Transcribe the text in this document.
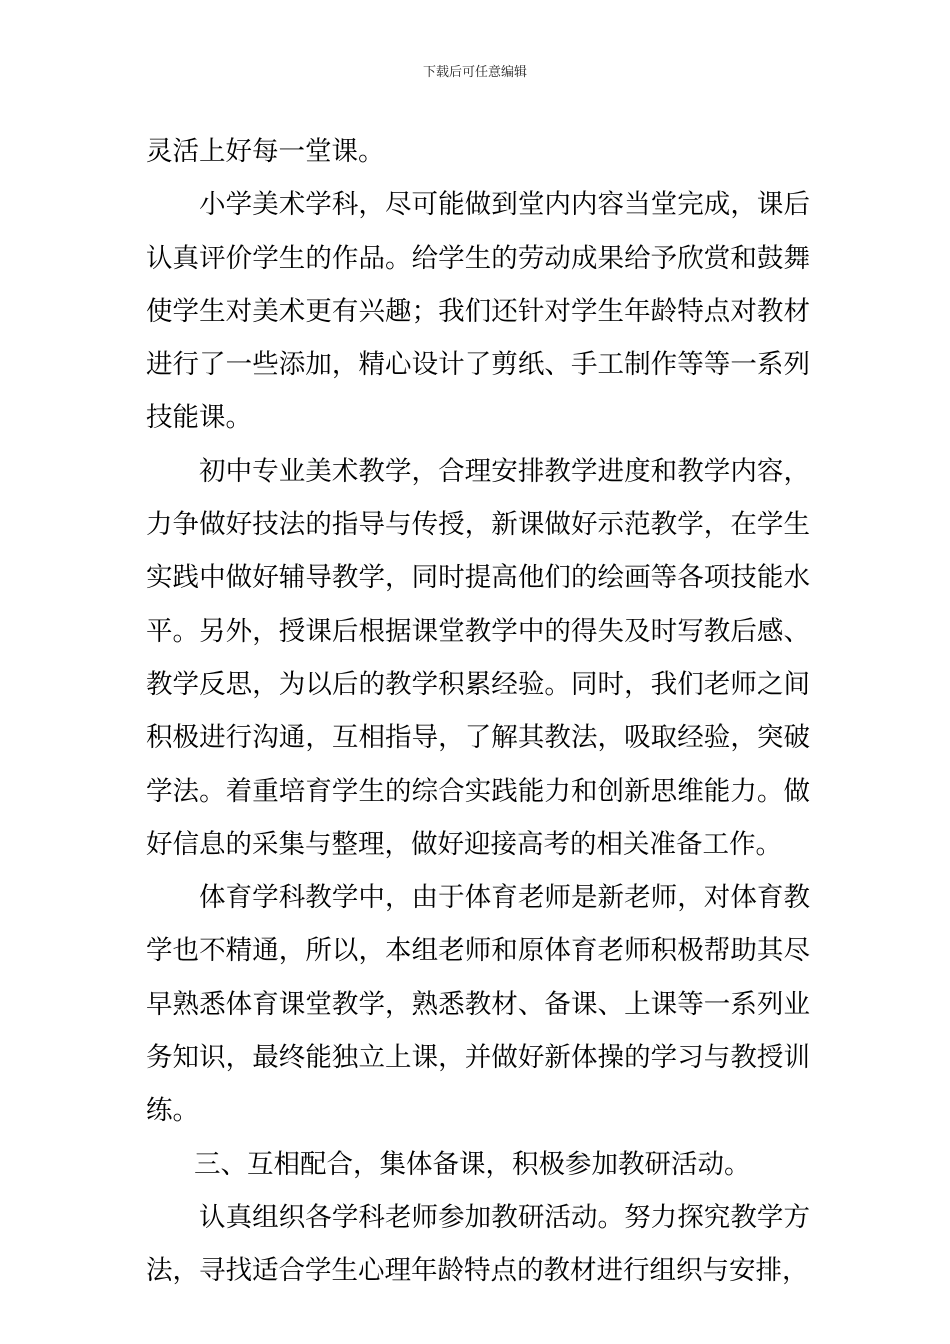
下载后可任意编辑

灵活上好每一堂课。

小学美术学科，尽可能做到堂内内容当堂完成，课后认真评价学生的作品。给学生的劳动成果给予欣赏和鼓舞使学生对美术更有兴趣；我们还针对学生年龄特点对教材进行了一些添加，精心设计了剪纸、手工制作等等一系列技能课。

初中专业美术教学，合理安排教学进度和教学内容，力争做好技法的指导与传授，新课做好示范教学，在学生实践中做好辅导教学，同时提高他们的绘画等各项技能水平。另外，授课后根据课堂教学中的得失及时写教后感、教学反思，为以后的教学积累经验。同时，我们老师之间积极进行沟通，互相指导，了解其教法，吸取经验，突破学法。着重培育学生的综合实践能力和创新思维能力。做好信息的采集与整理，做好迎接高考的相关准备工作。

体育学科教学中，由于体育老师是新老师，对体育教学也不精通，所以，本组老师和原体育老师积极帮助其尽早熟悉体育课堂教学，熟悉教材、备课、上课等一系列业务知识，最终能独立上课，并做好新体操的学习与教授训练。

三、互相配合，集体备课，积极参加教研活动。

认真组织各学科老师参加教研活动。努力探究教学方法，寻找适合学生心理年龄特点的教材进行组织与安排，
